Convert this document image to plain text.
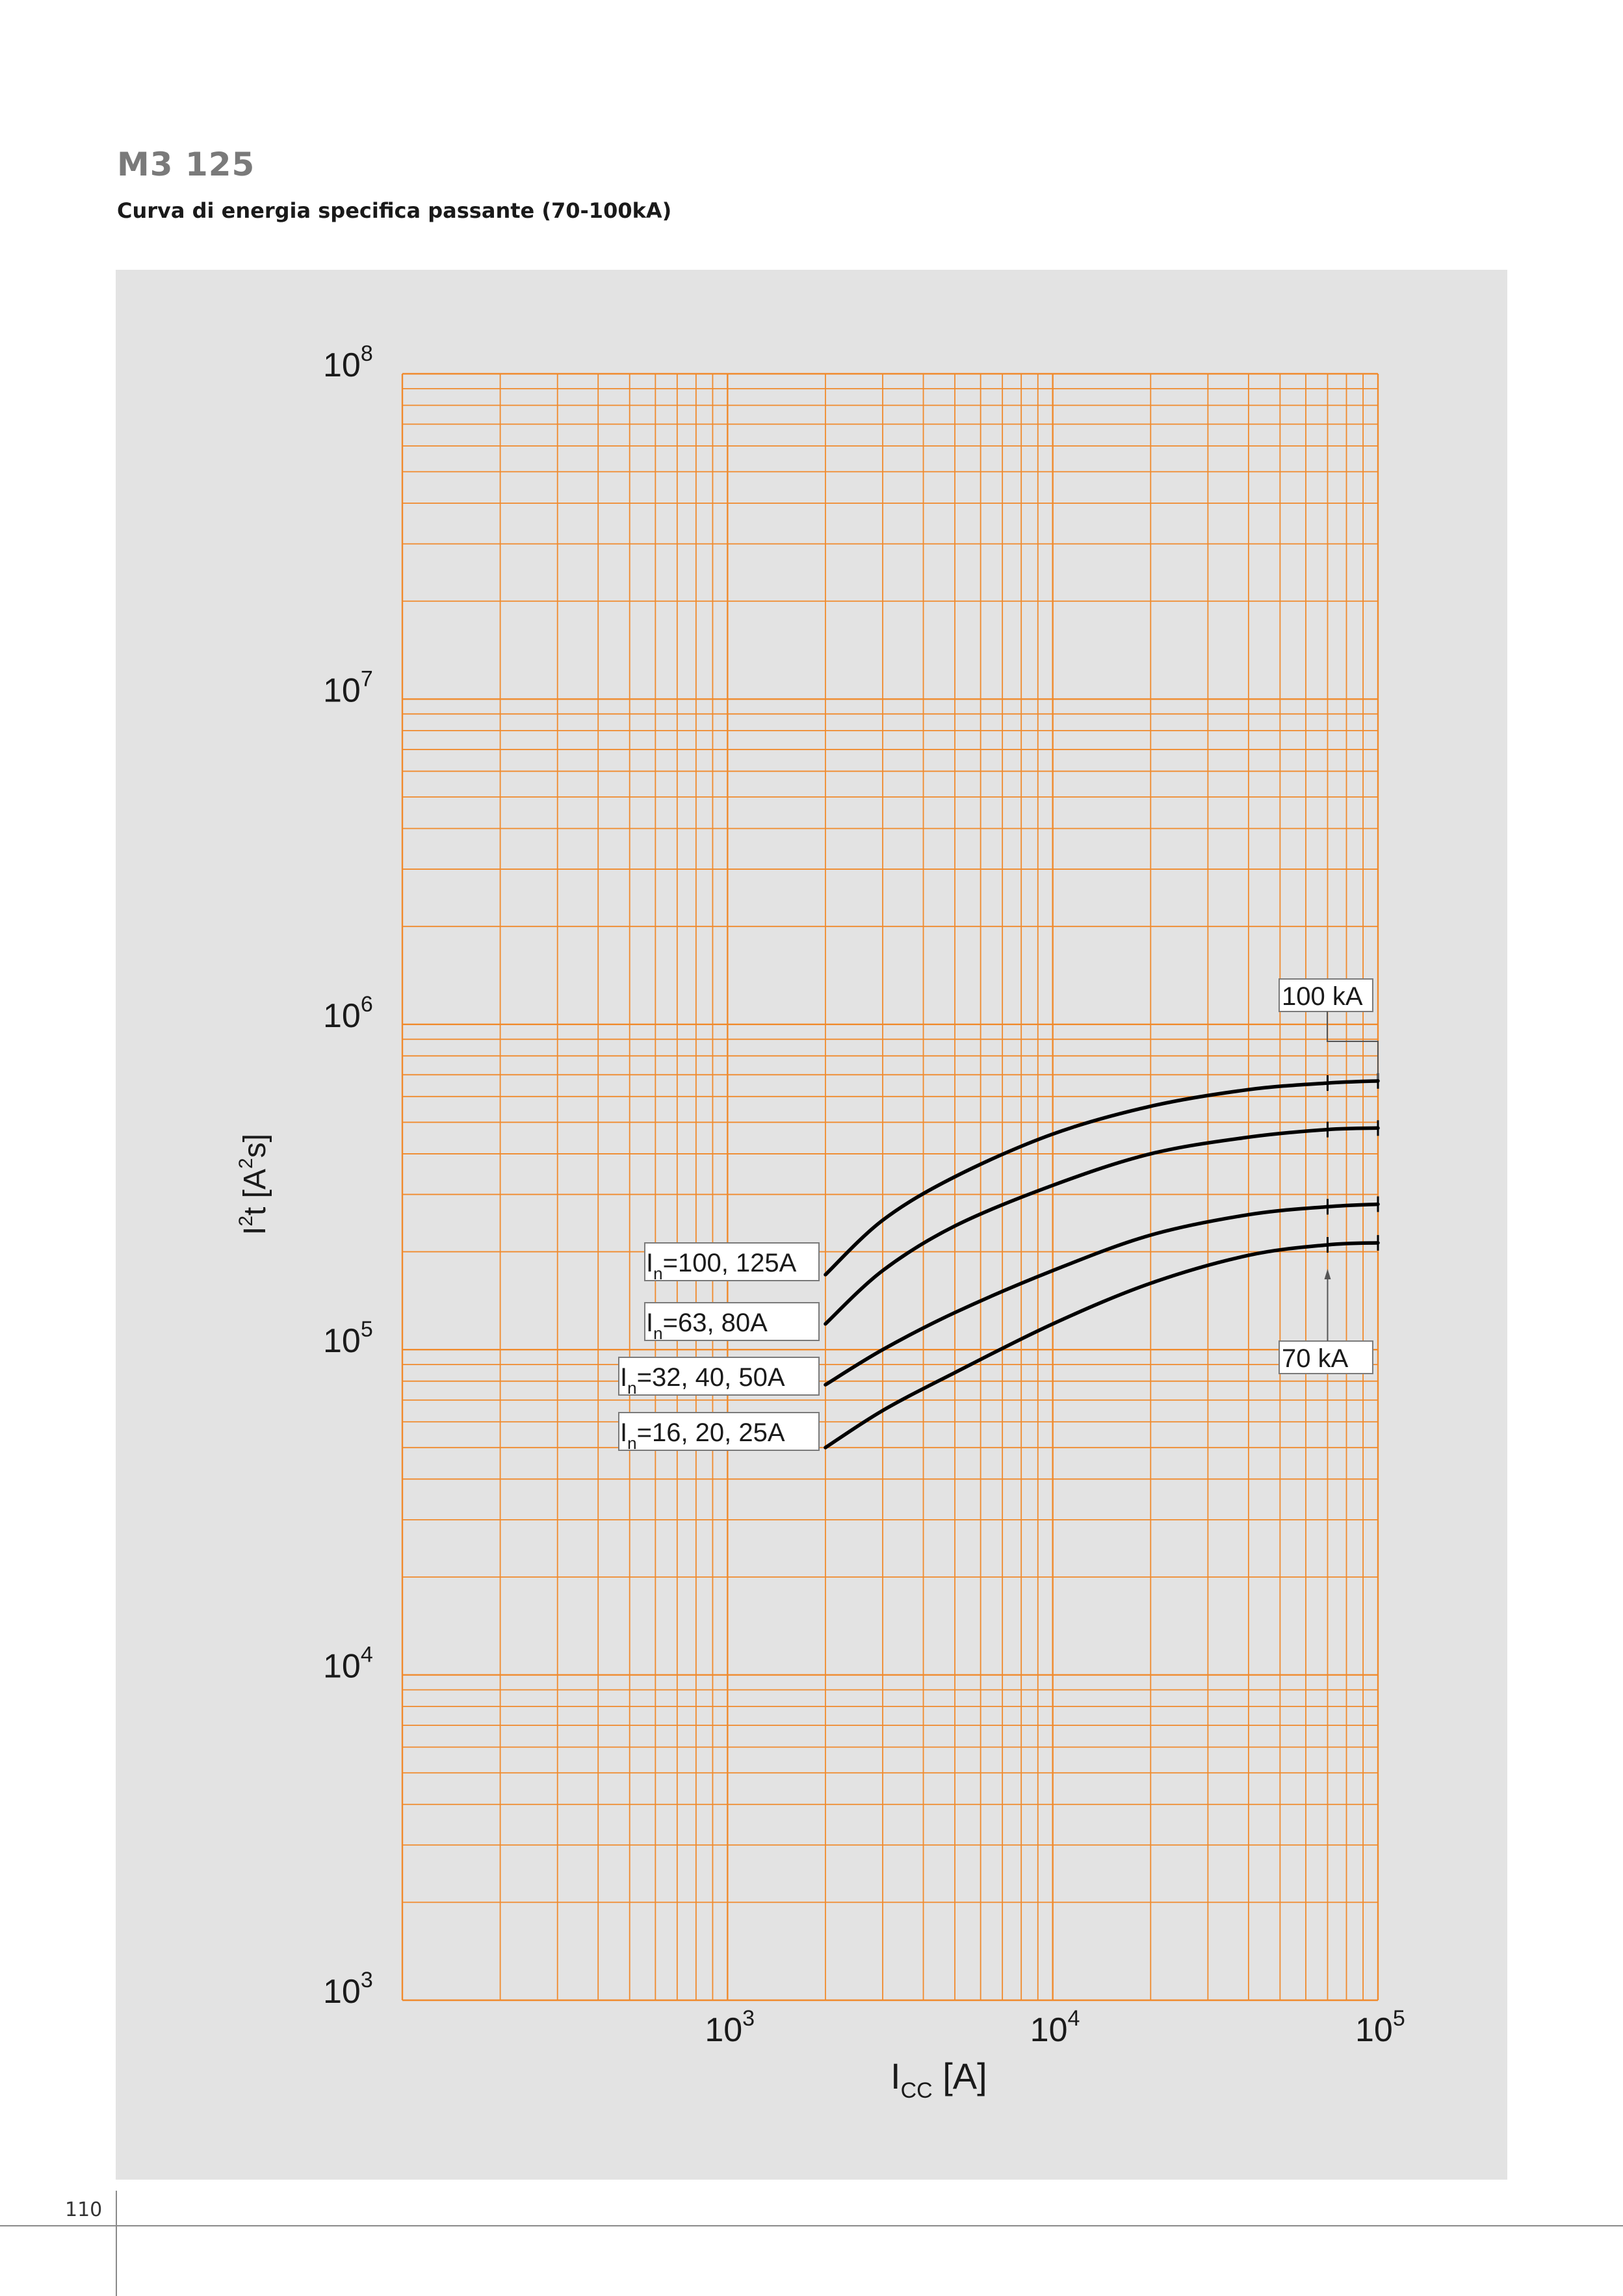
M3 125
Curva di energia specifica passante (70-100kA)
$10^3$
$10^4$
$10^5$
$10^6$
$10^7$
$10^8$
$10^3$	$10^4$	$10^5$
$I_n=100$, 125A
$I_n=63$, 80A
$I_n=32$, 40, 50A
$I_n=16$, 20, 25A
100 kA
70 kA
$I_{CC}$ [A]
$I^2t$ $[A^2s]$
110
